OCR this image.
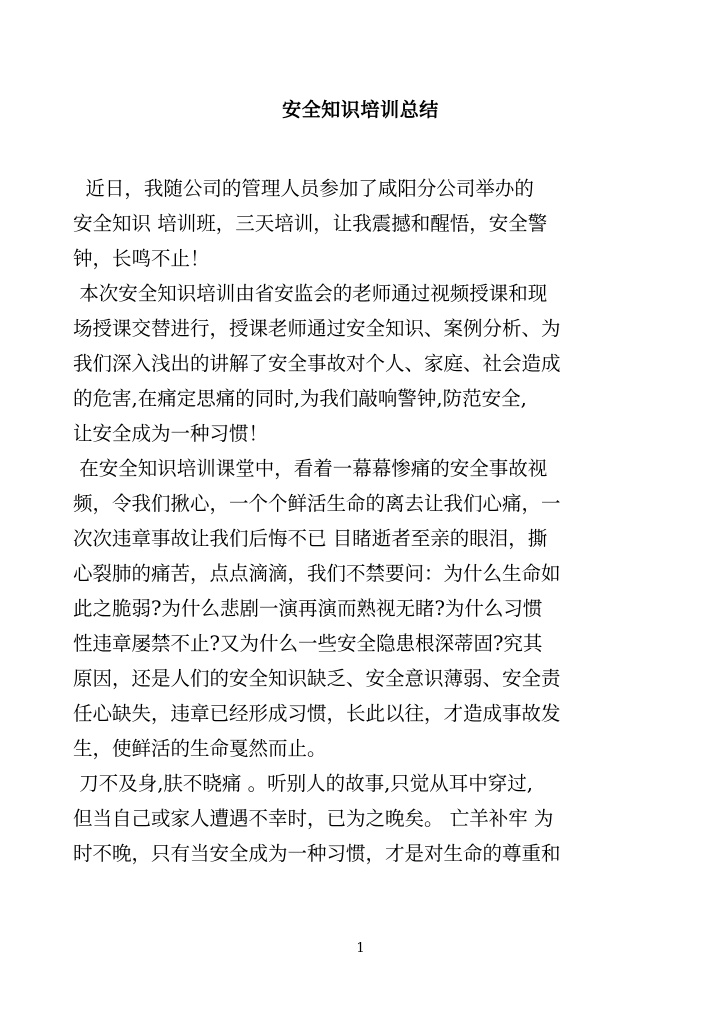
安全知识培训总结
近日，我随公司的管理人员参加了咸阳分公司举办的
安全知识 培训班，三天培训，让我震撼和醒悟，安全警
钟，长鸣不止！
本次安全知识培训由省安监会的老师通过视频授课和现
场授课交替进行，授课老师通过安全知识、案例分析、为
我们深入浅出的讲解了安全事故对个人、家庭、社会造成
的危害,在痛定思痛的同时,为我们敲响警钟,防范安全,
让安全成为一种习惯！
在安全知识培训课堂中，看着一幕幕惨痛的安全事故视
频，令我们揪心，一个个鲜活生命的离去让我们心痛，一
次次违章事故让我们后悔不已 目睹逝者至亲的眼泪，撕
心裂肺的痛苦，点点滴滴，我们不禁要问：为什么生命如
此之脆弱?为什么悲剧一演再演而熟视无睹?为什么习惯
性违章屡禁不止?又为什么一些安全隐患根深蒂固?究其
原因，还是人们的安全知识缺乏、安全意识薄弱、安全责
任心缺失，违章已经形成习惯，长此以往，才造成事故发
生，使鲜活的生命戛然而止。
刀不及身,肤不晓痛 。听别人的故事,只觉从耳中穿过,
但当自己或家人遭遇不幸时，已为之晚矣。 亡羊补牢 为
时不晚，只有当安全成为一种习惯，才是对生命的尊重和
1
